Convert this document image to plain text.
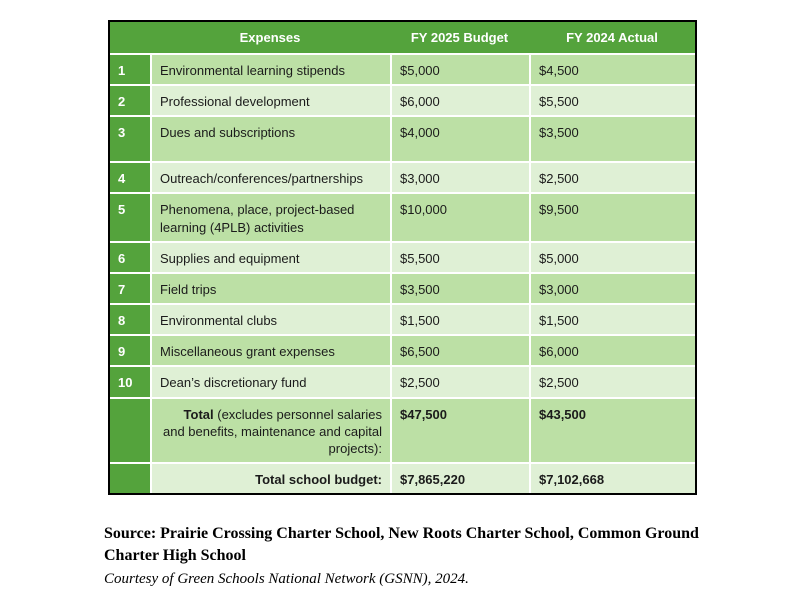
	Expenses	FY 2025 Budget	FY 2024 Actual
1	Environmental learning stipends	$5,000	$4,500
2	Professional development	$6,000	$5,500
3	Dues and subscriptions	$4,000	$3,500
4	Outreach/conferences/partnerships	$3,000	$2,500
5	Phenomena, place, project-based learning (4PLB) activities	$10,000	$9,500
6	Supplies and equipment	$5,500	$5,000
7	Field trips	$3,500	$3,000
8	Environmental clubs	$1,500	$1,500
9	Miscellaneous grant expenses	$6,500	$6,000
10	Dean’s discretionary fund	$2,500	$2,500
	Total (excludes personnel salaries and benefits, maintenance and capital projects):	$47,500	$43,500
	Total school budget:	$7,865,220	$7,102,668
Source: Prairie Crossing Charter School, New Roots Charter School, Common Ground Charter High School
Courtesy of Green Schools National Network (GSNN), 2024.
